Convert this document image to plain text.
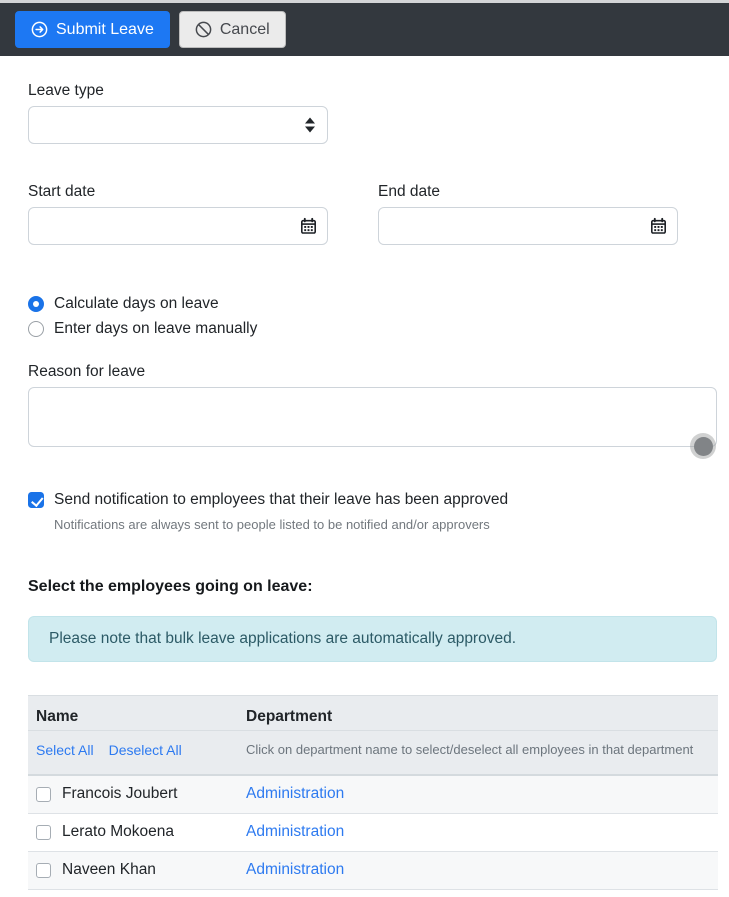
Submit Leave	Cancel
Leave type
Start date	End date
Calculate days on leave
Enter days on leave manually
Reason for leave
Send notification to employees that their leave has been approved
Notifications are always sent to people listed to be notified and/or approvers
Select the employees going on leave:
Please note that bulk leave applications are automatically approved.
Name	Department

Select All Deselect All	Click on department name to select/deselect all employees in that department

Francois Joubert	Administration

Lerato Mokoena	Administration

Naveen Khan	Administration
